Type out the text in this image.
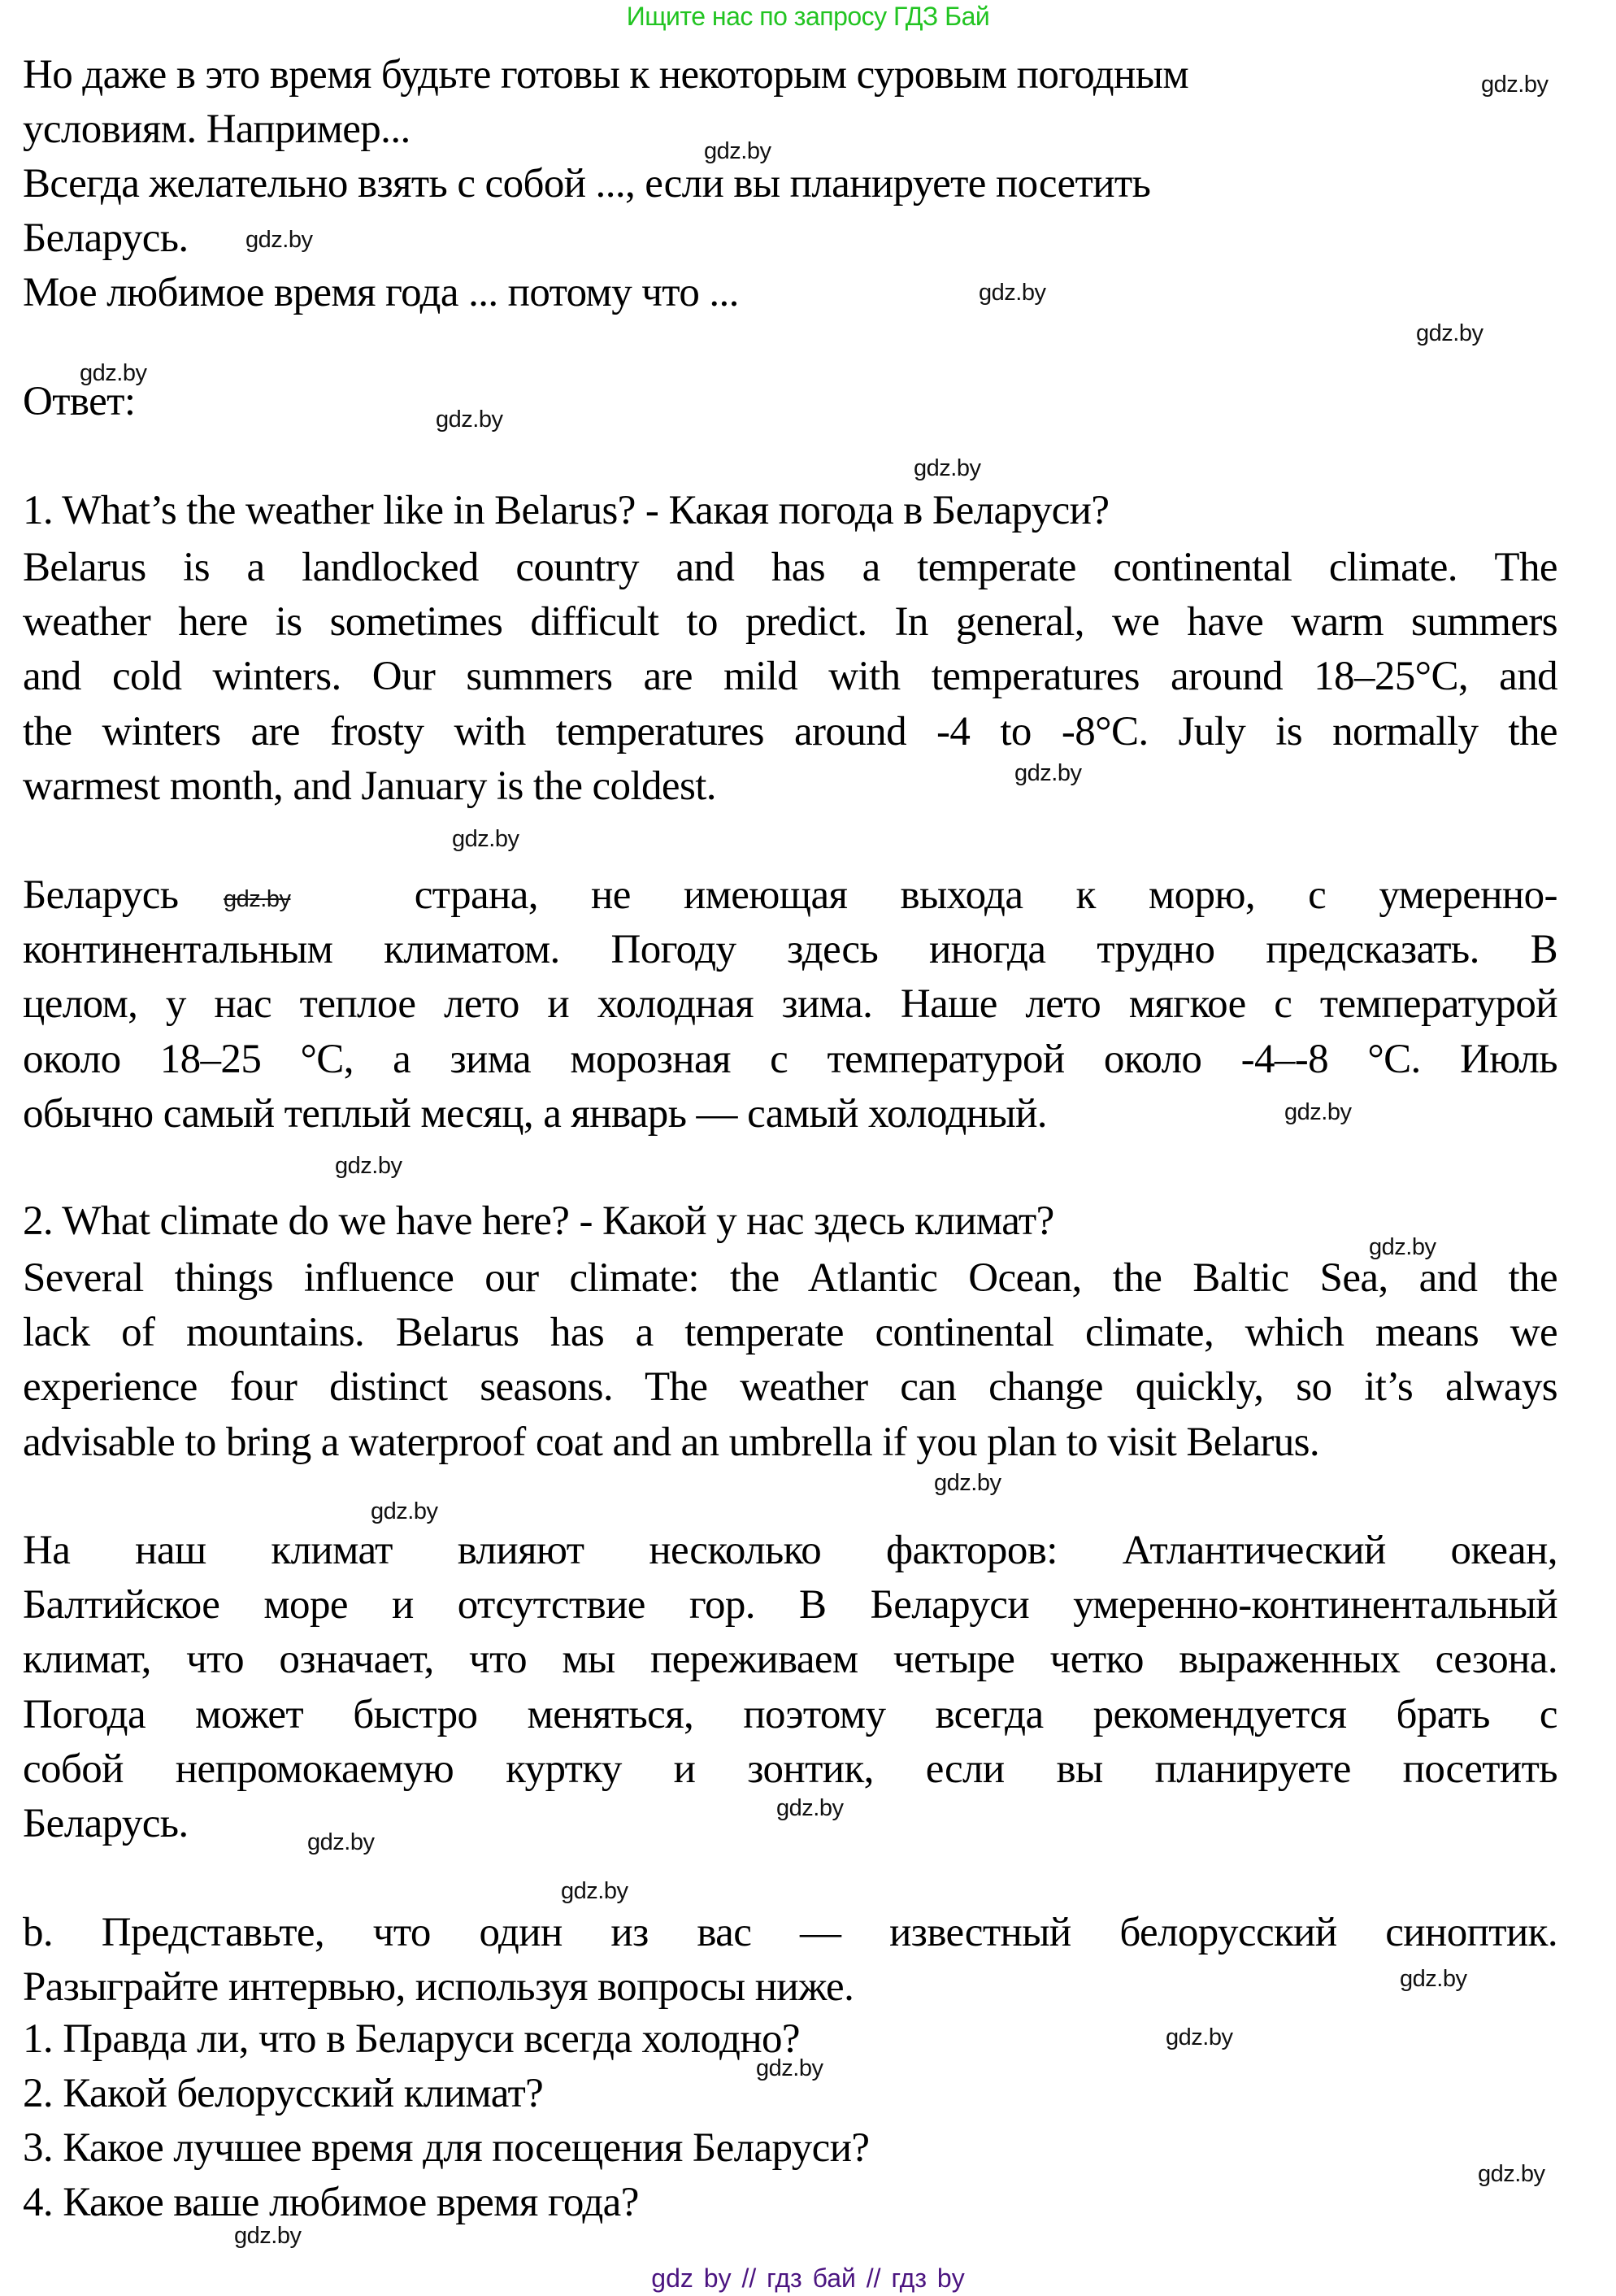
Ищите нас по запросу ГДЗ Бай
Но даже в это время будьте готовы к некоторым суровым погодным
условиям. Например...
Всегда желательно взять с собой ..., если вы планируете посетить
Беларусь.
Мое любимое время года ... потому что ...
Ответ:
1. What’s the weather like in Belarus? - Какая погода в Беларуси?
Belarus is a landlocked country and has a temperate continental climate. The
weather here is sometimes difficult to predict. In general, we have warm summers
and cold winters. Our summers are mild with temperatures around 18–25°C, and
the winters are frosty with temperatures around -4 to -8°C. July is normally the
warmest month, and January is the coldest.
Беларусь	страна, не имеющая выхода к морю, с умеренно-
континентальным климатом. Погоду здесь иногда трудно предсказать. В
целом, у нас теплое лето и холодная зима. Наше лето мягкое с температурой
около 18–25 °С, а зима морозная с температурой около -4–-8 °С. Июль
обычно самый теплый месяц, а январь — самый холодный.
2. What climate do we have here? - Какой у нас здесь климат?
Several things influence our climate: the Atlantic Ocean, the Baltic Sea, and the
lack of mountains. Belarus has a temperate continental climate, which means we
experience four distinct seasons. The weather can change quickly, so it’s always
advisable to bring a waterproof coat and an umbrella if you plan to visit Belarus.
На наш климат влияют несколько факторов: Атлантический океан,
Балтийское море и отсутствие гор. В Беларуси умеренно-континентальный
климат, что означает, что мы переживаем четыре четко выраженных сезона.
Погода может быстро меняться, поэтому всегда рекомендуется брать с
собой непромокаемую куртку и зонтик, если вы планируете посетить
Беларусь.
b. Представьте, что один из вас — известный белорусский синоптик.
Разыграйте интервью, используя вопросы ниже.
1. Правда ли, что в Беларуси всегда холодно?
2. Какой белорусский климат?
3. Какое лучшее время для посещения Беларуси?
4. Какое ваше любимое время года?
gdz.by
gdz.by
gdz.by
gdz.by
gdz.by
gdz.by
gdz.by
gdz.by
gdz.by
gdz.by
gdz.by
gdz.by
gdz.by
gdz.by
gdz.by
gdz.by
gdz.by
gdz.by
gdz.by
gdz.by
gdz.by
gdz.by
gdz.by
gdz.by
gdz by // гдз бай // гдз by
